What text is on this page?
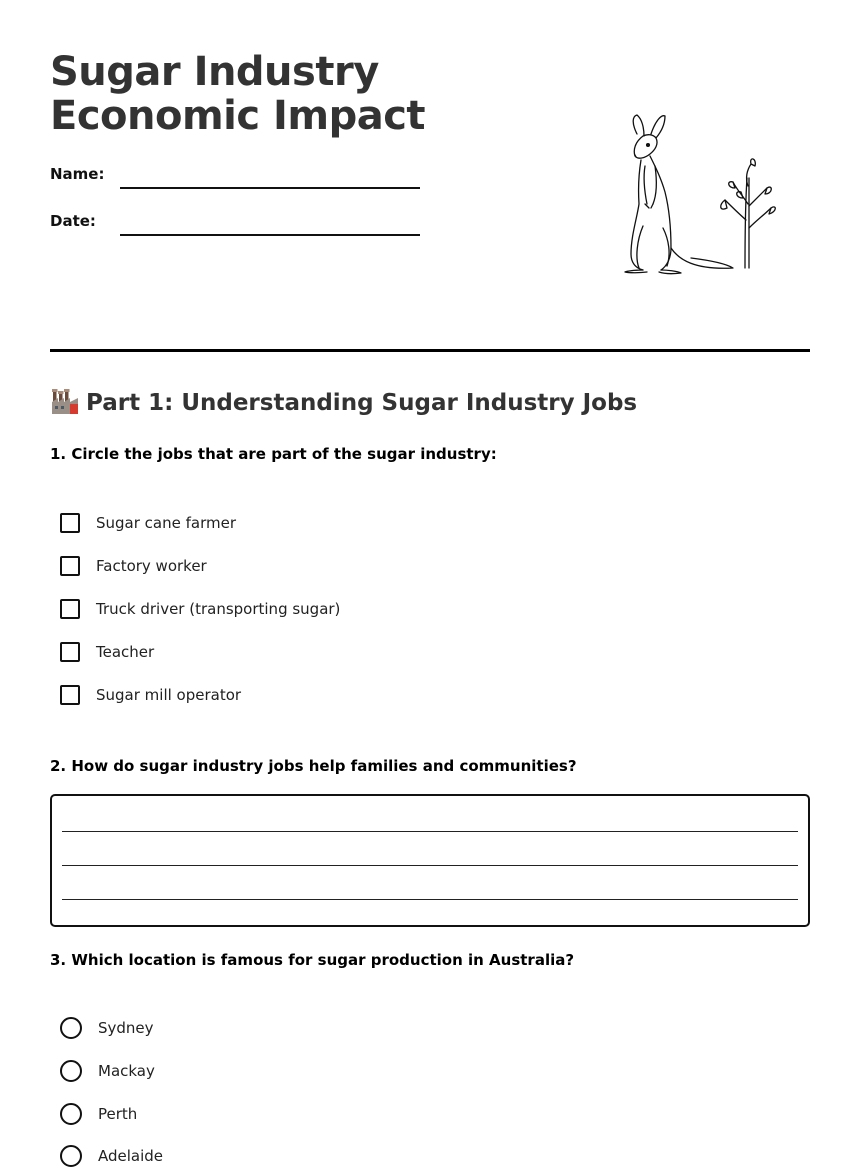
Sugar Industry
Economic Impact
Name:
Date:
Part 1: Understanding Sugar Industry Jobs
1. Circle the jobs that are part of the sugar industry:
Sugar cane farmer
Factory worker
Truck driver (transporting sugar)
Teacher
Sugar mill operator
2. How do sugar industry jobs help families and communities?
3. Which location is famous for sugar production in Australia?
Sydney
Mackay
Perth
Adelaide
